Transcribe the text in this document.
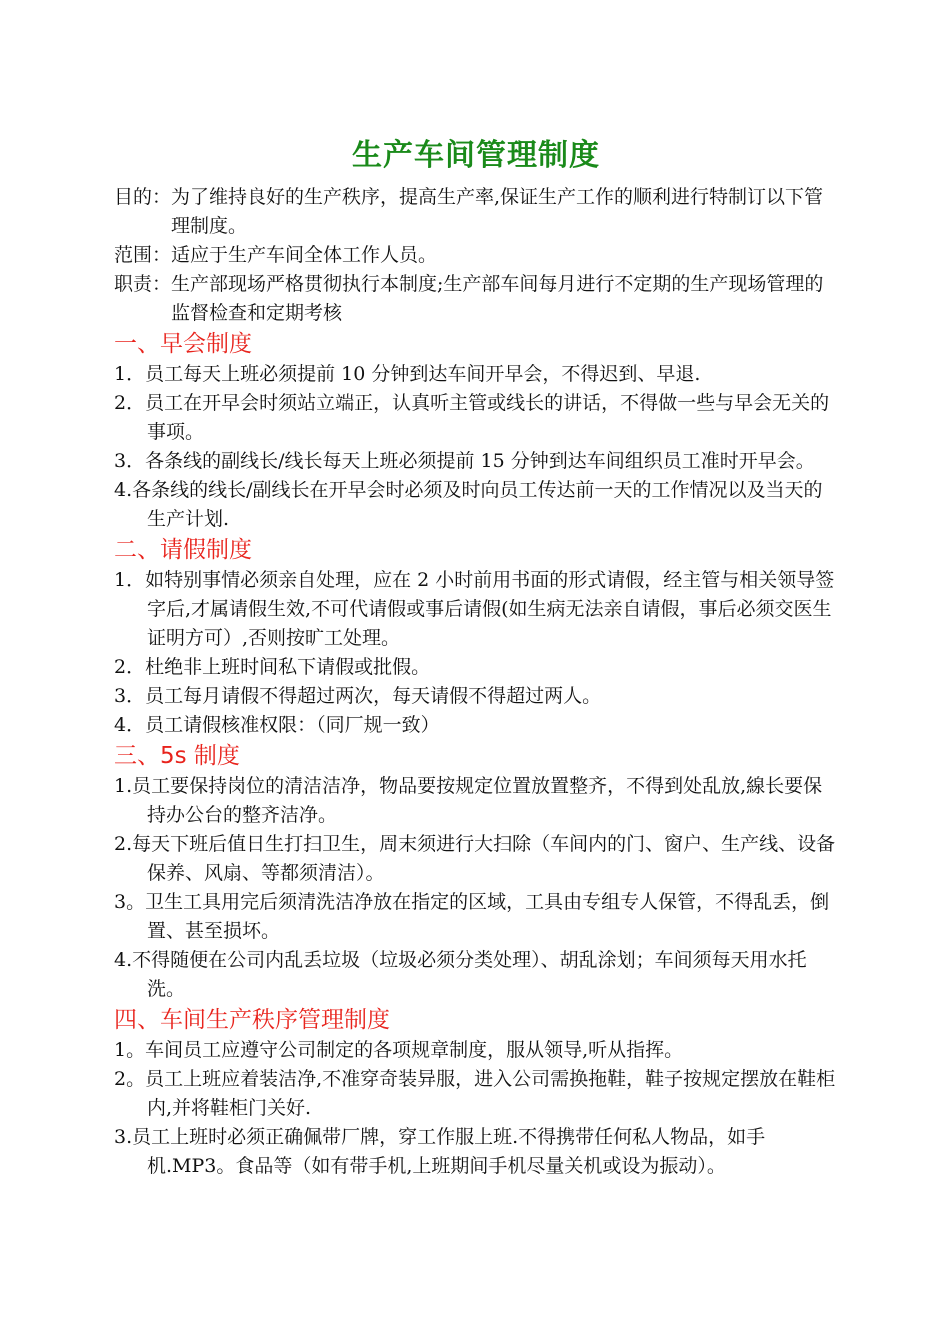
生产车间管理制度
目的： 为了维持良好的生产秩序，提高生产率,保证生产工作的顺利进行特制订以下管理制度。
范围： 适应于生产车间全体工作人员。
职责： 生产部现场严格贯彻执行本制度;生产部车间每月进行不定期的生产现场管理的监督检查和定期考核
一、早会制度
1．员工每天上班必须提前 10 分钟到达车间开早会，不得迟到、早退.
2．员工在开早会时须站立端正，认真听主管或线长的讲话，不得做一些与早会无关的事项。
3．各条线的副线长/线长每天上班必须提前 15 分钟到达车间组织员工准时开早会。
4.各条线的线长/副线长在开早会时必须及时向员工传达前一天的工作情况以及当天的生产计划.
二、请假制度
1．如特别事情必须亲自处理，应在 2 小时前用书面的形式请假，经主管与相关领导签字后,才属请假生效,不可代请假或事后请假(如生病无法亲自请假，事后必须交医生证明方可）,否则按旷工处理。
2．杜绝非上班时间私下请假或批假。
3．员工每月请假不得超过两次，每天请假不得超过两人。
4．员工请假核准权限：（同厂规一致）
三、5s 制度
1.员工要保持岗位的清洁洁净，物品要按规定位置放置整齐，不得到处乱放,線长要保持办公台的整齐洁净。
2.每天下班后值日生打扫卫生，周末须进行大扫除（车间内的门、窗户、生产线、设备保养、风扇、等都须清洁）。
3。卫生工具用完后须清洗洁净放在指定的区域，工具由专组专人保管，不得乱丢，倒置、甚至损坏。
4.不得随便在公司内乱丢垃圾（垃圾必须分类处理）、胡乱涂划；车间须每天用水托洗。
四、车间生产秩序管理制度
1。车间员工应遵守公司制定的各项规章制度，服从领导,听从指挥。
2。员工上班应着装洁净,不准穿奇装异服，进入公司需换拖鞋，鞋子按规定摆放在鞋柜内,并将鞋柜门关好.
3.员工上班时必须正确佩带厂牌，穿工作服上班.不得携带任何私人物品，如手机.MP3。食品等（如有带手机,上班期间手机尽量关机或设为振动）。
